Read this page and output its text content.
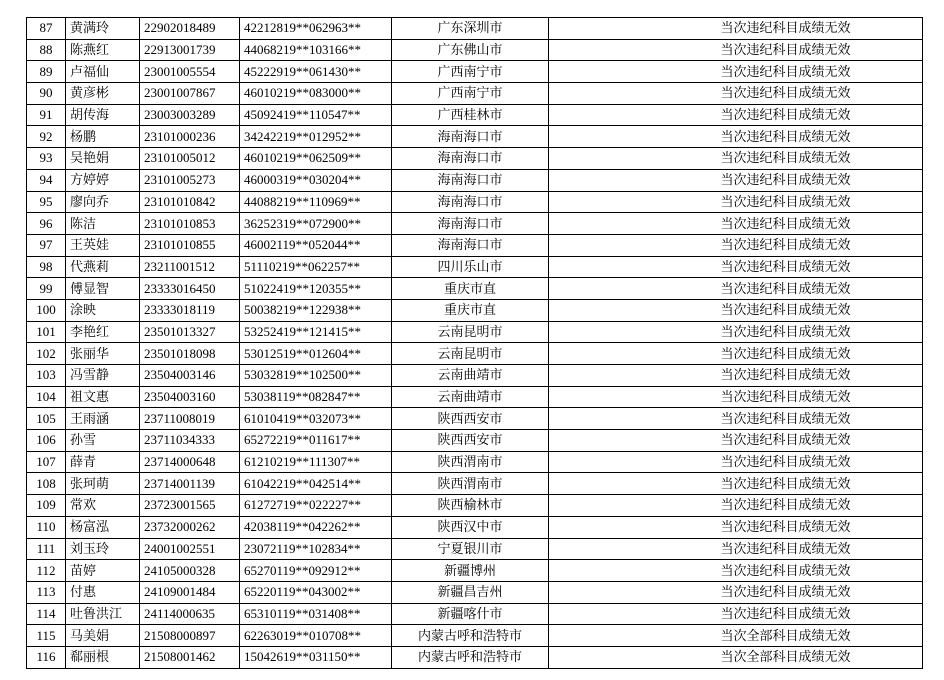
87	黄满玲	22902018489	42212819**062963**	广东深圳市	当次违纪科目成绩无效
88	陈燕红	22913001739	44068219**103166**	广东佛山市	当次违纪科目成绩无效
89	卢福仙	23001005554	45222919**061430**	广西南宁市	当次违纪科目成绩无效
90	黄彦彬	23001007867	46010219**083000**	广西南宁市	当次违纪科目成绩无效
91	胡传海	23003003289	45092419**110547**	广西桂林市	当次违纪科目成绩无效
92	杨鹏	23101000236	34242219**012952**	海南海口市	当次违纪科目成绩无效
93	吴艳娟	23101005012	46010219**062509**	海南海口市	当次违纪科目成绩无效
94	方婷婷	23101005273	46000319**030204**	海南海口市	当次违纪科目成绩无效
95	廖向乔	23101010842	44088219**110969**	海南海口市	当次违纪科目成绩无效
96	陈洁	23101010853	36252319**072900**	海南海口市	当次违纪科目成绩无效
97	王英娃	23101010855	46002119**052044**	海南海口市	当次违纪科目成绩无效
98	代燕莉	23211001512	51110219**062257**	四川乐山市	当次违纪科目成绩无效
99	傅显智	23333016450	51022419**120355**	重庆市直	当次违纪科目成绩无效
100	涂映	23333018119	50038219**122938**	重庆市直	当次违纪科目成绩无效
101	李艳红	23501013327	53252419**121415**	云南昆明市	当次违纪科目成绩无效
102	张丽华	23501018098	53012519**012604**	云南昆明市	当次违纪科目成绩无效
103	冯雪静	23504003146	53032819**102500**	云南曲靖市	当次违纪科目成绩无效
104	祖文惠	23504003160	53038119**082847**	云南曲靖市	当次违纪科目成绩无效
105	王雨涵	23711008019	61010419**032073**	陕西西安市	当次违纪科目成绩无效
106	孙雪	23711034333	65272219**011617**	陕西西安市	当次违纪科目成绩无效
107	薛青	23714000648	61210219**111307**	陕西渭南市	当次违纪科目成绩无效
108	张珂萌	23714001139	61042219**042514**	陕西渭南市	当次违纪科目成绩无效
109	常欢	23723001565	61272719**022227**	陕西榆林市	当次违纪科目成绩无效
110	杨富泓	23732000262	42038119**042262**	陕西汉中市	当次违纪科目成绩无效
111	刘玉玲	24001002551	23072119**102834**	宁夏银川市	当次违纪科目成绩无效
112	苗婷	24105000328	65270119**092912**	新疆博州	当次违纪科目成绩无效
113	付惠	24109001484	65220119**043002**	新疆昌吉州	当次违纪科目成绩无效
114	吐鲁洪江	24114000635	65310119**031408**	新疆喀什市	当次违纪科目成绩无效
115	马美娟	21508000897	62263019**010708**	内蒙古呼和浩特市	当次全部科目成绩无效
116	郗丽根	21508001462	15042619**031150**	内蒙古呼和浩特市	当次全部科目成绩无效
